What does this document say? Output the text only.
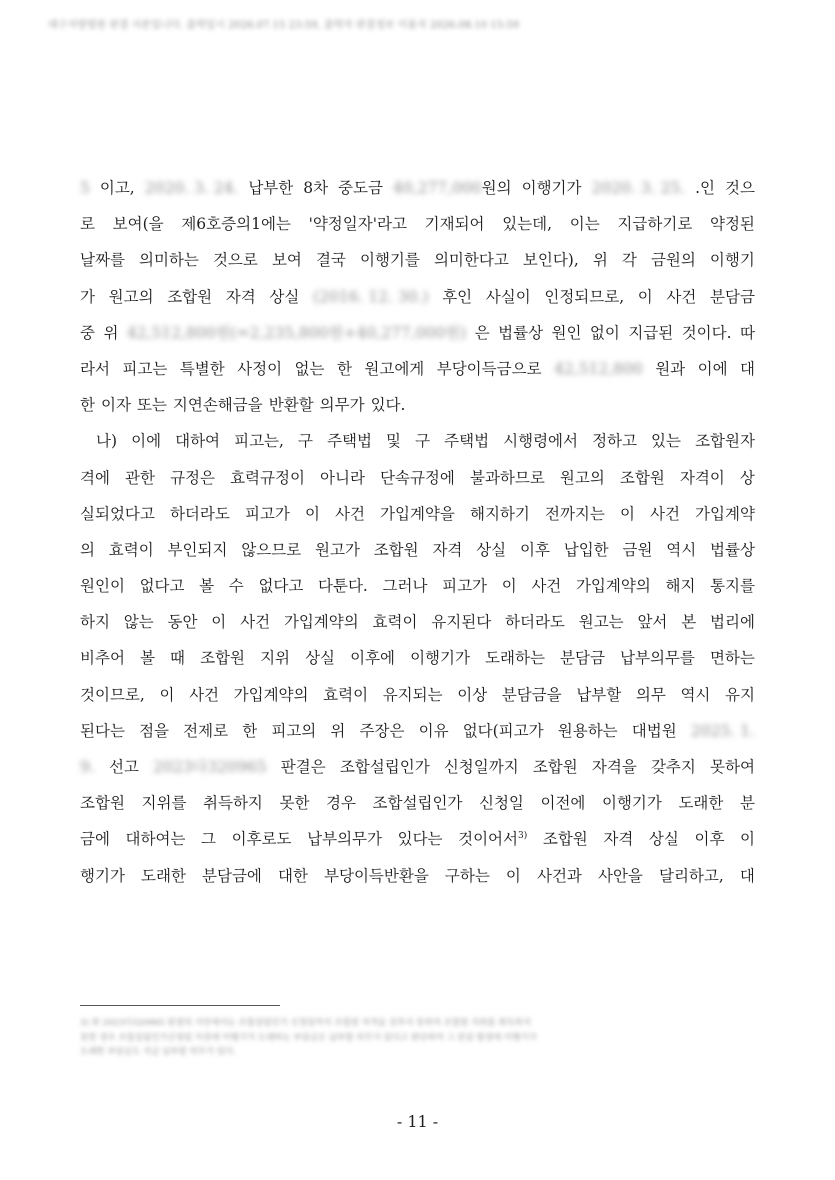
대구지방법원 판결 사본입니다. 출력일시 2026.07.15 23:59, 출력자 판결정보 이용자 2026.08.10 15:59
5 이고, 2020. 3. 24. 납부한 8차 중도금 40,277,000원의 이행기가 2020. 3. 25. .인 것으
로 보여(을 제6호증의1에는 '약정일자'라고 기재되어 있는데, 이는 지급하기로 약정된
날짜를 의미하는 것으로 보여 결국 이행기를 의미한다고 보인다), 위 각 금원의 이행기
가 원고의 조합원 자격 상실 (2016. 12. 30.) 후인 사실이 인정되므로, 이 사건 분담금
중 위 42,512,800원(=2,235,800원+40,277,000원) 은 법률상 원인 없이 지급된 것이다. 따
라서 피고는 특별한 사정이 없는 한 원고에게 부당이득금으로 42,512,800 원과 이에 대
한 이자 또는 지연손해금을 반환할 의무가 있다.
나) 이에 대하여 피고는, 구 주택법 및 구 주택법 시행령에서 정하고 있는 조합원자
격에 관한 규정은 효력규정이 아니라 단속규정에 불과하므로 원고의 조합원 자격이 상
실되었다고 하더라도 피고가 이 사건 가입계약을 해지하기 전까지는 이 사건 가입계약
의 효력이 부인되지 않으므로 원고가 조합원 자격 상실 이후 납입한 금원 역시 법률상
원인이 없다고 볼 수 없다고 다툰다. 그러나 피고가 이 사건 가입계약의 해지 통지를
하지 않는 동안 이 사건 가입계약의 효력이 유지된다 하더라도 원고는 앞서 본 법리에
비추어 볼 때 조합원 지위 상실 이후에 이행기가 도래하는 분담금 납부의무를 면하는
것이므로, 이 사건 가입계약의 효력이 유지되는 이상 분담금을 납부할 의무 역시 유지
된다는 점을 전제로 한 피고의 위 주장은 이유 없다(피고가 원용하는 대법원 2025. 1.
9. 선고 2023다320965 판결은 조합설립인가 신청일까지 조합원 자격을 갖추지 못하여
조합원 지위를 취득하지 못한 경우 조합설립인가 신청일 이전에 이행기가 도래한 분
금에 대하여는 그 이후로도 납부의무가 있다는 것이어서$^{3)}$ 조합원 자격 상실 이후 이
행기가 도래한 분담금에 대한 부당이득반환을 구하는 이 사건과 사안을 달리하고, 대
3) 위 2023다320965 판결의 사안에서는 조합설립인가 신청일까지 조합원 자격을 갖추지 못하여 조합원 지위를 취득하지
못한 경우 조합설립인가신청일 이전에 이행기가 도래하는 부담금은 납부할 의무가 있다고 판단하여 그 분담 발생에 이행기가
도래한 부담금도 지급 납부할 의무가 있다.
- 11 -
